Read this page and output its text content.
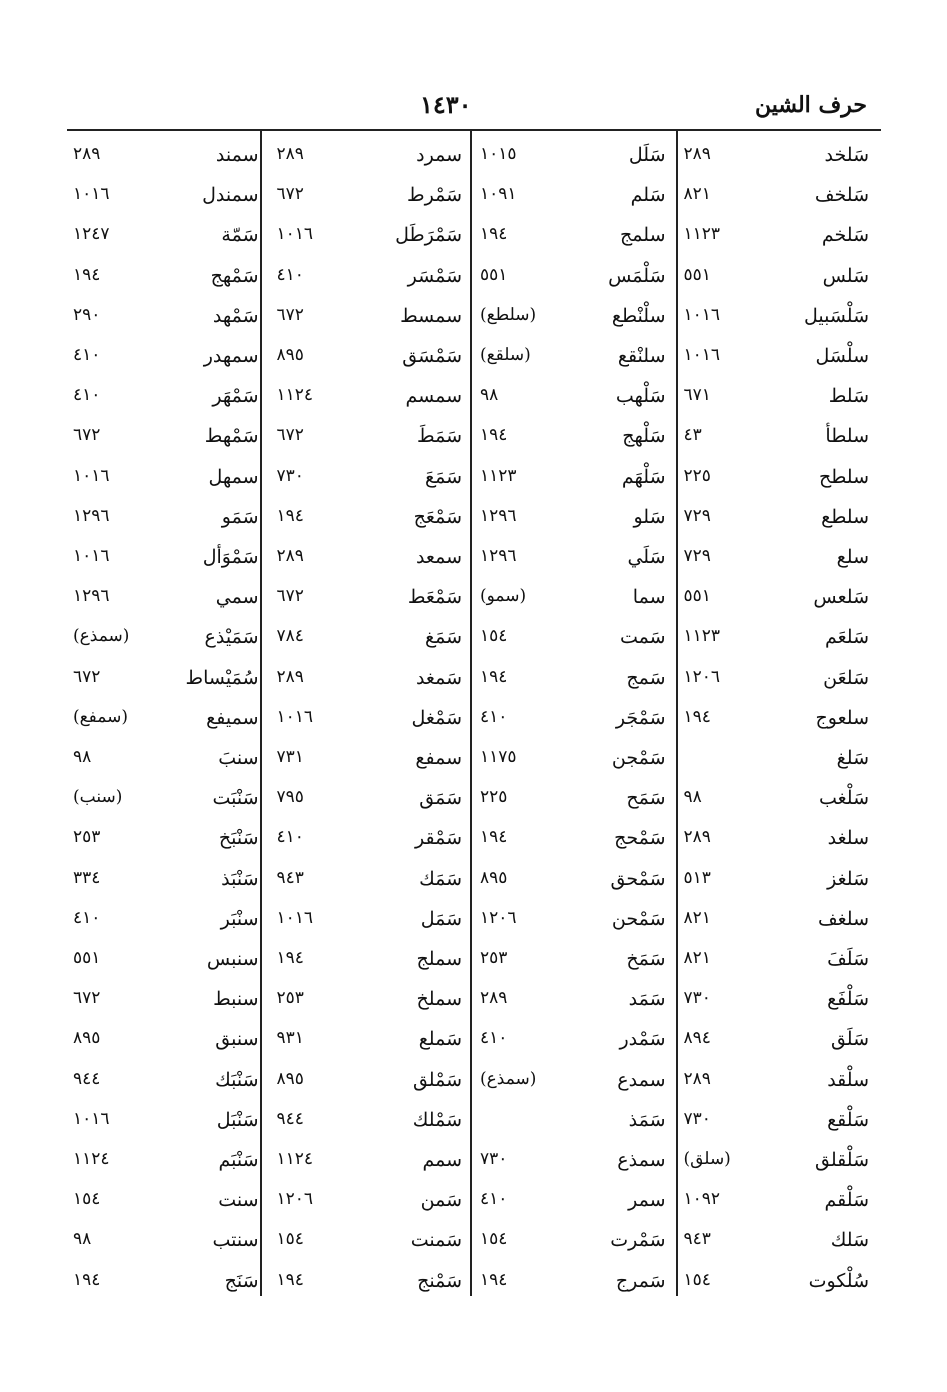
حرف الشين
١٤٣٠
سَلخد
٢٨٩
سَلخف
٨٢١
سَلخم
١١٢٣
سَلس
٥٥١
سَلْسَبيل
١٠١٦
سلْسَل
١٠١٦
سَلط
٦٧١
سلطأ
٤٣
سلطح
٢٢٥
سلطع
٧٢٩
سلع
٧٢٩
سَلعس
٥٥١
سَلعَم
١١٢٣
سَلعَن
١٢٠٦
سلعوج
١٩٤
سَلغ
سَلْغب
٩٨
سلغد
٢٨٩
سَلغز
٥١٣
سلغف
٨٢١
سَلَفَ
٨٢١
سَلْفَع
٧٣٠
سَلَق
٨٩٤
سلْقد
٢٨٩
سَلْقع
٧٣٠
سَلْقلق
(سلق)
سَلْقم
١٠٩٢
سَلك
٩٤٣
سُلْكوت
١٥٤
سَلَل
١٠١٥
سَلم
١٠٩١
سلمج
١٩٤
سَلْمَس
٥٥١
سلْنْطع
(سلطع)
سلنْقع
(سلقع)
سَلْهب
٩٨
سَلْهج
١٩٤
سَلْهَم
١١٢٣
سَلو
١٢٩٦
سَلَي
١٢٩٦
سما
(سمو)
سَمت
١٥٤
سَمج
١٩٤
سَمْجَر
٤١٠
سَمْجن
١١٧٥
سَمَح
٢٢٥
سَمْحج
١٩٤
سَمْحق
٨٩٥
سَمْحن
١٢٠٦
سَمَخ
٢٥٣
سَمَد
٢٨٩
سَمْدر
٤١٠
سمدع
(سمذع)
سَمَذ
سمذع
٧٣٠
سمر
٤١٠
سَمْرت
١٥٤
سَمرج
١٩٤
سمرد
٢٨٩
سَمْرط
٦٧٢
سَمْرَطَل
١٠١٦
سَمْسَر
٤١٠
سمسط
٦٧٢
سَمْسَق
٨٩٥
سمسم
١١٢٤
سَمَطَ
٦٧٢
سَمَعَ
٧٣٠
سَمْعَج
١٩٤
سمعد
٢٨٩
سَمْعَط
٦٧٢
سَمَغ
٧٨٤
سَمغد
٢٨٩
سَمْغل
١٠١٦
سمفع
٧٣١
سَمَق
٧٩٥
سَمْقر
٤١٠
سَمَك
٩٤٣
سَمَل
١٠١٦
سملج
١٩٤
سملخ
٢٥٣
سَملع
٩٣١
سَمْلق
٨٩٥
سَمْلك
٩٤٤
سمم
١١٢٤
سَمن
١٢٠٦
سَمنت
١٥٤
سَمْنج
١٩٤
سمند
٢٨٩
سمندل
١٠١٦
سَمّة
١٢٤٧
سَمْهج
١٩٤
سَمْهد
٢٩٠
سمهدر
٤١٠
سَمْهَر
٤١٠
سَمْهط
٦٧٢
سمهل
١٠١٦
سَمَو
١٢٩٦
سَمْوَأل
١٠١٦
سمي
١٢٩٦
سَمَيْذع
(سمذع)
سُمَيْساط
٦٧٢
سميفع
(سمفع)
سنبَ
٩٨
سَنْبَت
(سنب)
سَنْبَخ
٢٥٣
سَنْبَذ
٣٣٤
سنْبَر
٤١٠
سنبس
٥٥١
سنبط
٦٧٢
سنبق
٨٩٥
سَنْبَك
٩٤٤
سَنْبَل
١٠١٦
سَنْبَم
١١٢٤
سنت
١٥٤
سنتب
٩٨
سَنَج
١٩٤
